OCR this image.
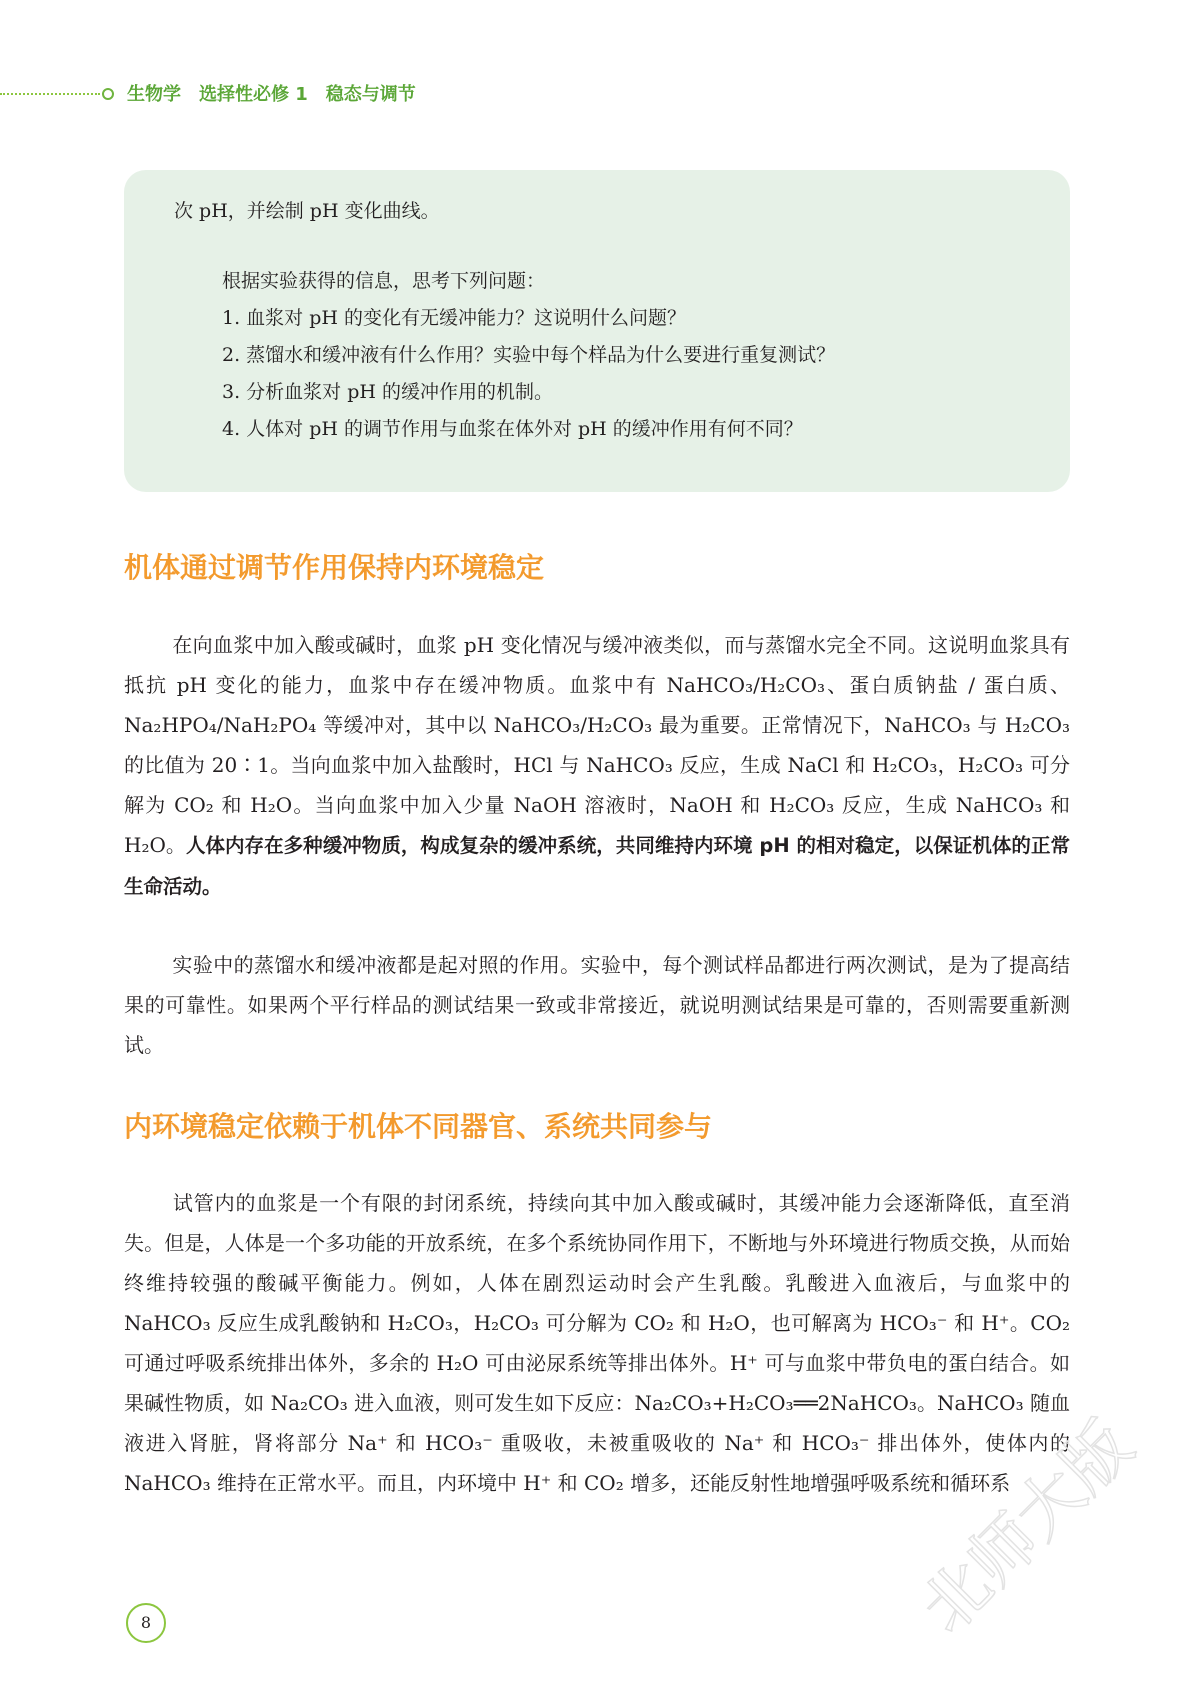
生物学　选择性必修 1　稳态与调节
次 pH，并绘制 pH 变化曲线。
根据实验获得的信息，思考下列问题：
1. 血浆对 pH 的变化有无缓冲能力？这说明什么问题？
2. 蒸馏水和缓冲液有什么作用？实验中每个样品为什么要进行重复测试？
3. 分析血浆对 pH 的缓冲作用的机制。
4. 人体对 pH 的调节作用与血浆在体外对 pH 的缓冲作用有何不同？
机体通过调节作用保持内环境稳定

在向血浆中加入酸或碱时，血浆 pH 变化情况与缓冲液类似，而与蒸馏水完全不同。这说明血浆具有抵抗 pH 变化的能力，血浆中存在缓冲物质。血浆中有 NaHCO₃/H₂CO₃、蛋白质钠盐 / 蛋白质、Na₂HPO₄/NaH₂PO₄ 等缓冲对，其中以 NaHCO₃/H₂CO₃ 最为重要。正常情况下，NaHCO₃ 与 H₂CO₃ 的比值为 20∶1。当向血浆中加入盐酸时，HCl 与 NaHCO₃ 反应，生成 NaCl 和 H₂CO₃，H₂CO₃ 可分解为 CO₂ 和 H₂O。当向血浆中加入少量 NaOH 溶液时，NaOH 和 H₂CO₃ 反应，生成 NaHCO₃ 和 H₂O。人体内存在多种缓冲物质，构成复杂的缓冲系统，共同维持内环境 pH 的相对稳定，以保证机体的正常生命活动。

实验中的蒸馏水和缓冲液都是起对照的作用。实验中，每个测试样品都进行两次测试，是为了提高结果的可靠性。如果两个平行样品的测试结果一致或非常接近，就说明测试结果是可靠的，否则需要重新测试。

内环境稳定依赖于机体不同器官、系统共同参与

试管内的血浆是一个有限的封闭系统，持续向其中加入酸或碱时，其缓冲能力会逐渐降低，直至消失。但是，人体是一个多功能的开放系统，在多个系统协同作用下，不断地与外环境进行物质交换，从而始终维持较强的酸碱平衡能力。例如，人体在剧烈运动时会产生乳酸。乳酸进入血液后，与血浆中的 NaHCO₃ 反应生成乳酸钠和 H₂CO₃，H₂CO₃ 可分解为 CO₂ 和 H₂O，也可解离为 HCO₃⁻ 和 H⁺。CO₂ 可通过呼吸系统排出体外，多余的 H₂O 可由泌尿系统等排出体外。H⁺ 可与血浆中带负电的蛋白结合。如果碱性物质，如 Na₂CO₃ 进入血液，则可发生如下反应：Na₂CO₃+H₂CO₃══2NaHCO₃。NaHCO₃ 随血液进入肾脏，肾将部分 Na⁺ 和 HCO₃⁻ 重吸收，未被重吸收的 Na⁺ 和 HCO₃⁻ 排出体外，使体内的 NaHCO₃ 维持在正常水平。而且，内环境中 H⁺ 和 CO₂ 增多，还能反射性地增强呼吸系统和循环系

8	北师大版
